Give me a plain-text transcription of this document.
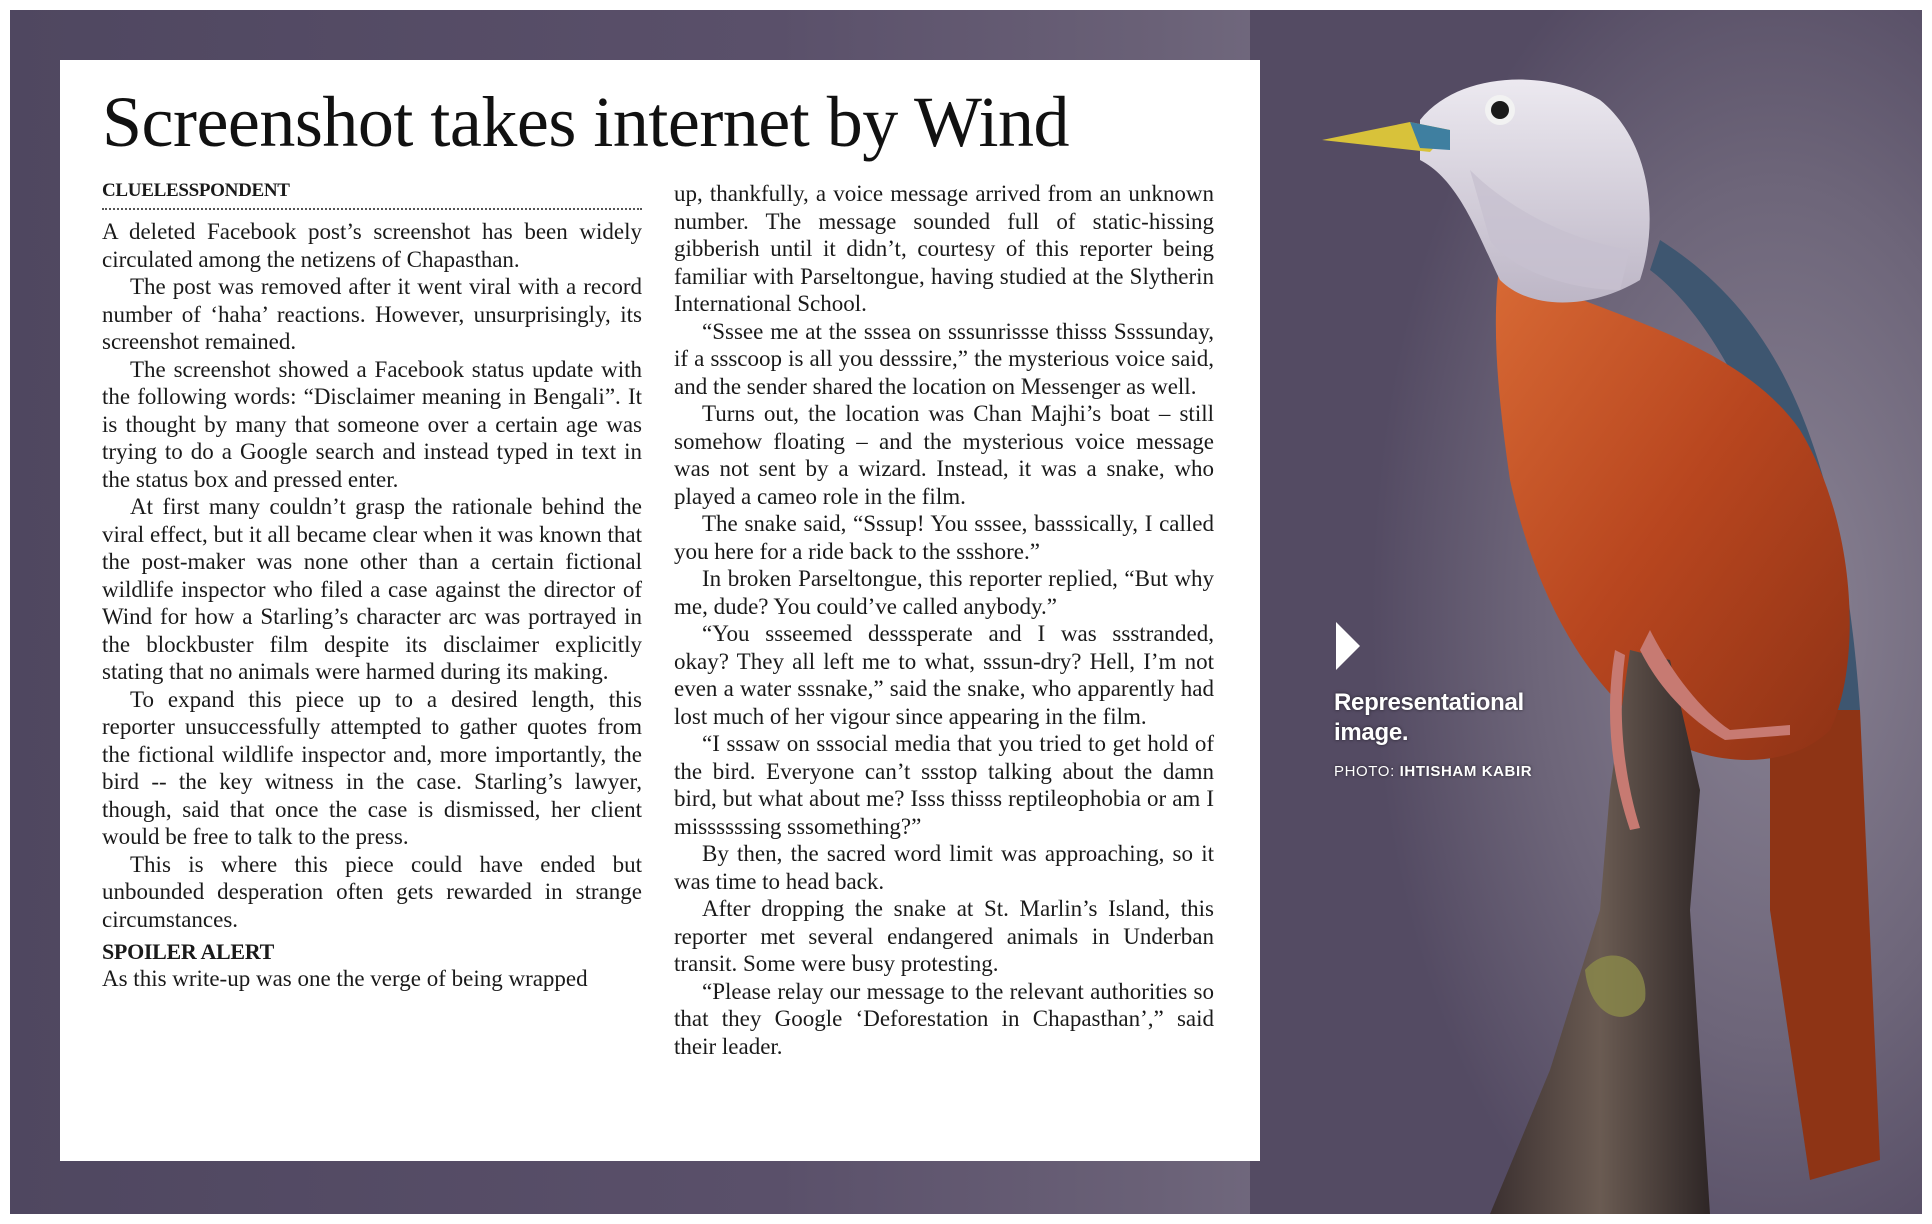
Screenshot takes internet by Wind
CLUELESSPONDENT

A deleted Facebook post’s screenshot has been widely circulated among the netizens of Chapasthan.

The post was removed after it went viral with a record number of ‘haha’ reactions. However, unsurprisingly, its screenshot remained.

The screenshot showed a Facebook status update with the following words: “Disclaimer meaning in Bengali”. It is thought by many that someone over a certain age was trying to do a Google search and instead typed in text in the status box and pressed enter.

At first many couldn’t grasp the rationale behind the viral effect, but it all became clear when it was known that the post-maker was none other than a certain fictional wildlife inspector who filed a case against the director of Wind for how a Starling’s character arc was portrayed in the blockbuster film despite its disclaimer explicitly stating that no animals were harmed during its making.

To expand this piece up to a desired length, this reporter unsuccessfully attempted to gather quotes from the fictional wildlife inspector and, more importantly, the bird -- the key witness in the case. Starling’s lawyer, though, said that once the case is dismissed, her client would be free to talk to the press.

This is where this piece could have ended but unbounded desperation often gets rewarded in strange circumstances.

SPOILER ALERT

As this write-up was one the verge of being wrapped

up, thankfully, a voice message arrived from an unknown number. The message sounded full of static-hissing gibberish until it didn’t, courtesy of this reporter being familiar with Parseltongue, having studied at the Slytherin International School.

“Sssee me at the sssea on sssunrissse thisss Ssssunday, if a ssscoop is all you desssire,” the mysterious voice said, and the sender shared the location on Messenger as well.

Turns out, the location was Chan Majhi’s boat – still somehow floating – and the mysterious voice message was not sent by a wizard. Instead, it was a snake, who played a cameo role in the film.

The snake said, “Sssup! You sssee, basssically, I called you here for a ride back to the ssshore.”

In broken Parseltongue, this reporter replied, “But why me, dude? You could’ve called anybody.”

“You ssseemed desssperate and I was ssstranded, okay? They all left me to what, sssun-dry? Hell, I’m not even a water sssnake,” said the snake, who apparently had lost much of her vigour since appearing in the film.

“I sssaw on sssocial media that you tried to get hold of the bird. Everyone can’t ssstop talking about the damn bird, but what about me? Isss thisss reptileophobia or am I missssssing sssomething?”

By then, the sacred word limit was approaching, so it was time to head back.

After dropping the snake at St. Marlin’s Island, this reporter met several endangered animals in Underban transit. Some were busy protesting.

“Please relay our message to the relevant authorities so that they Google ‘Deforestation in Chapasthan’,” said their leader.

Representational image.
PHOTO: IHTISHAM KABIR
